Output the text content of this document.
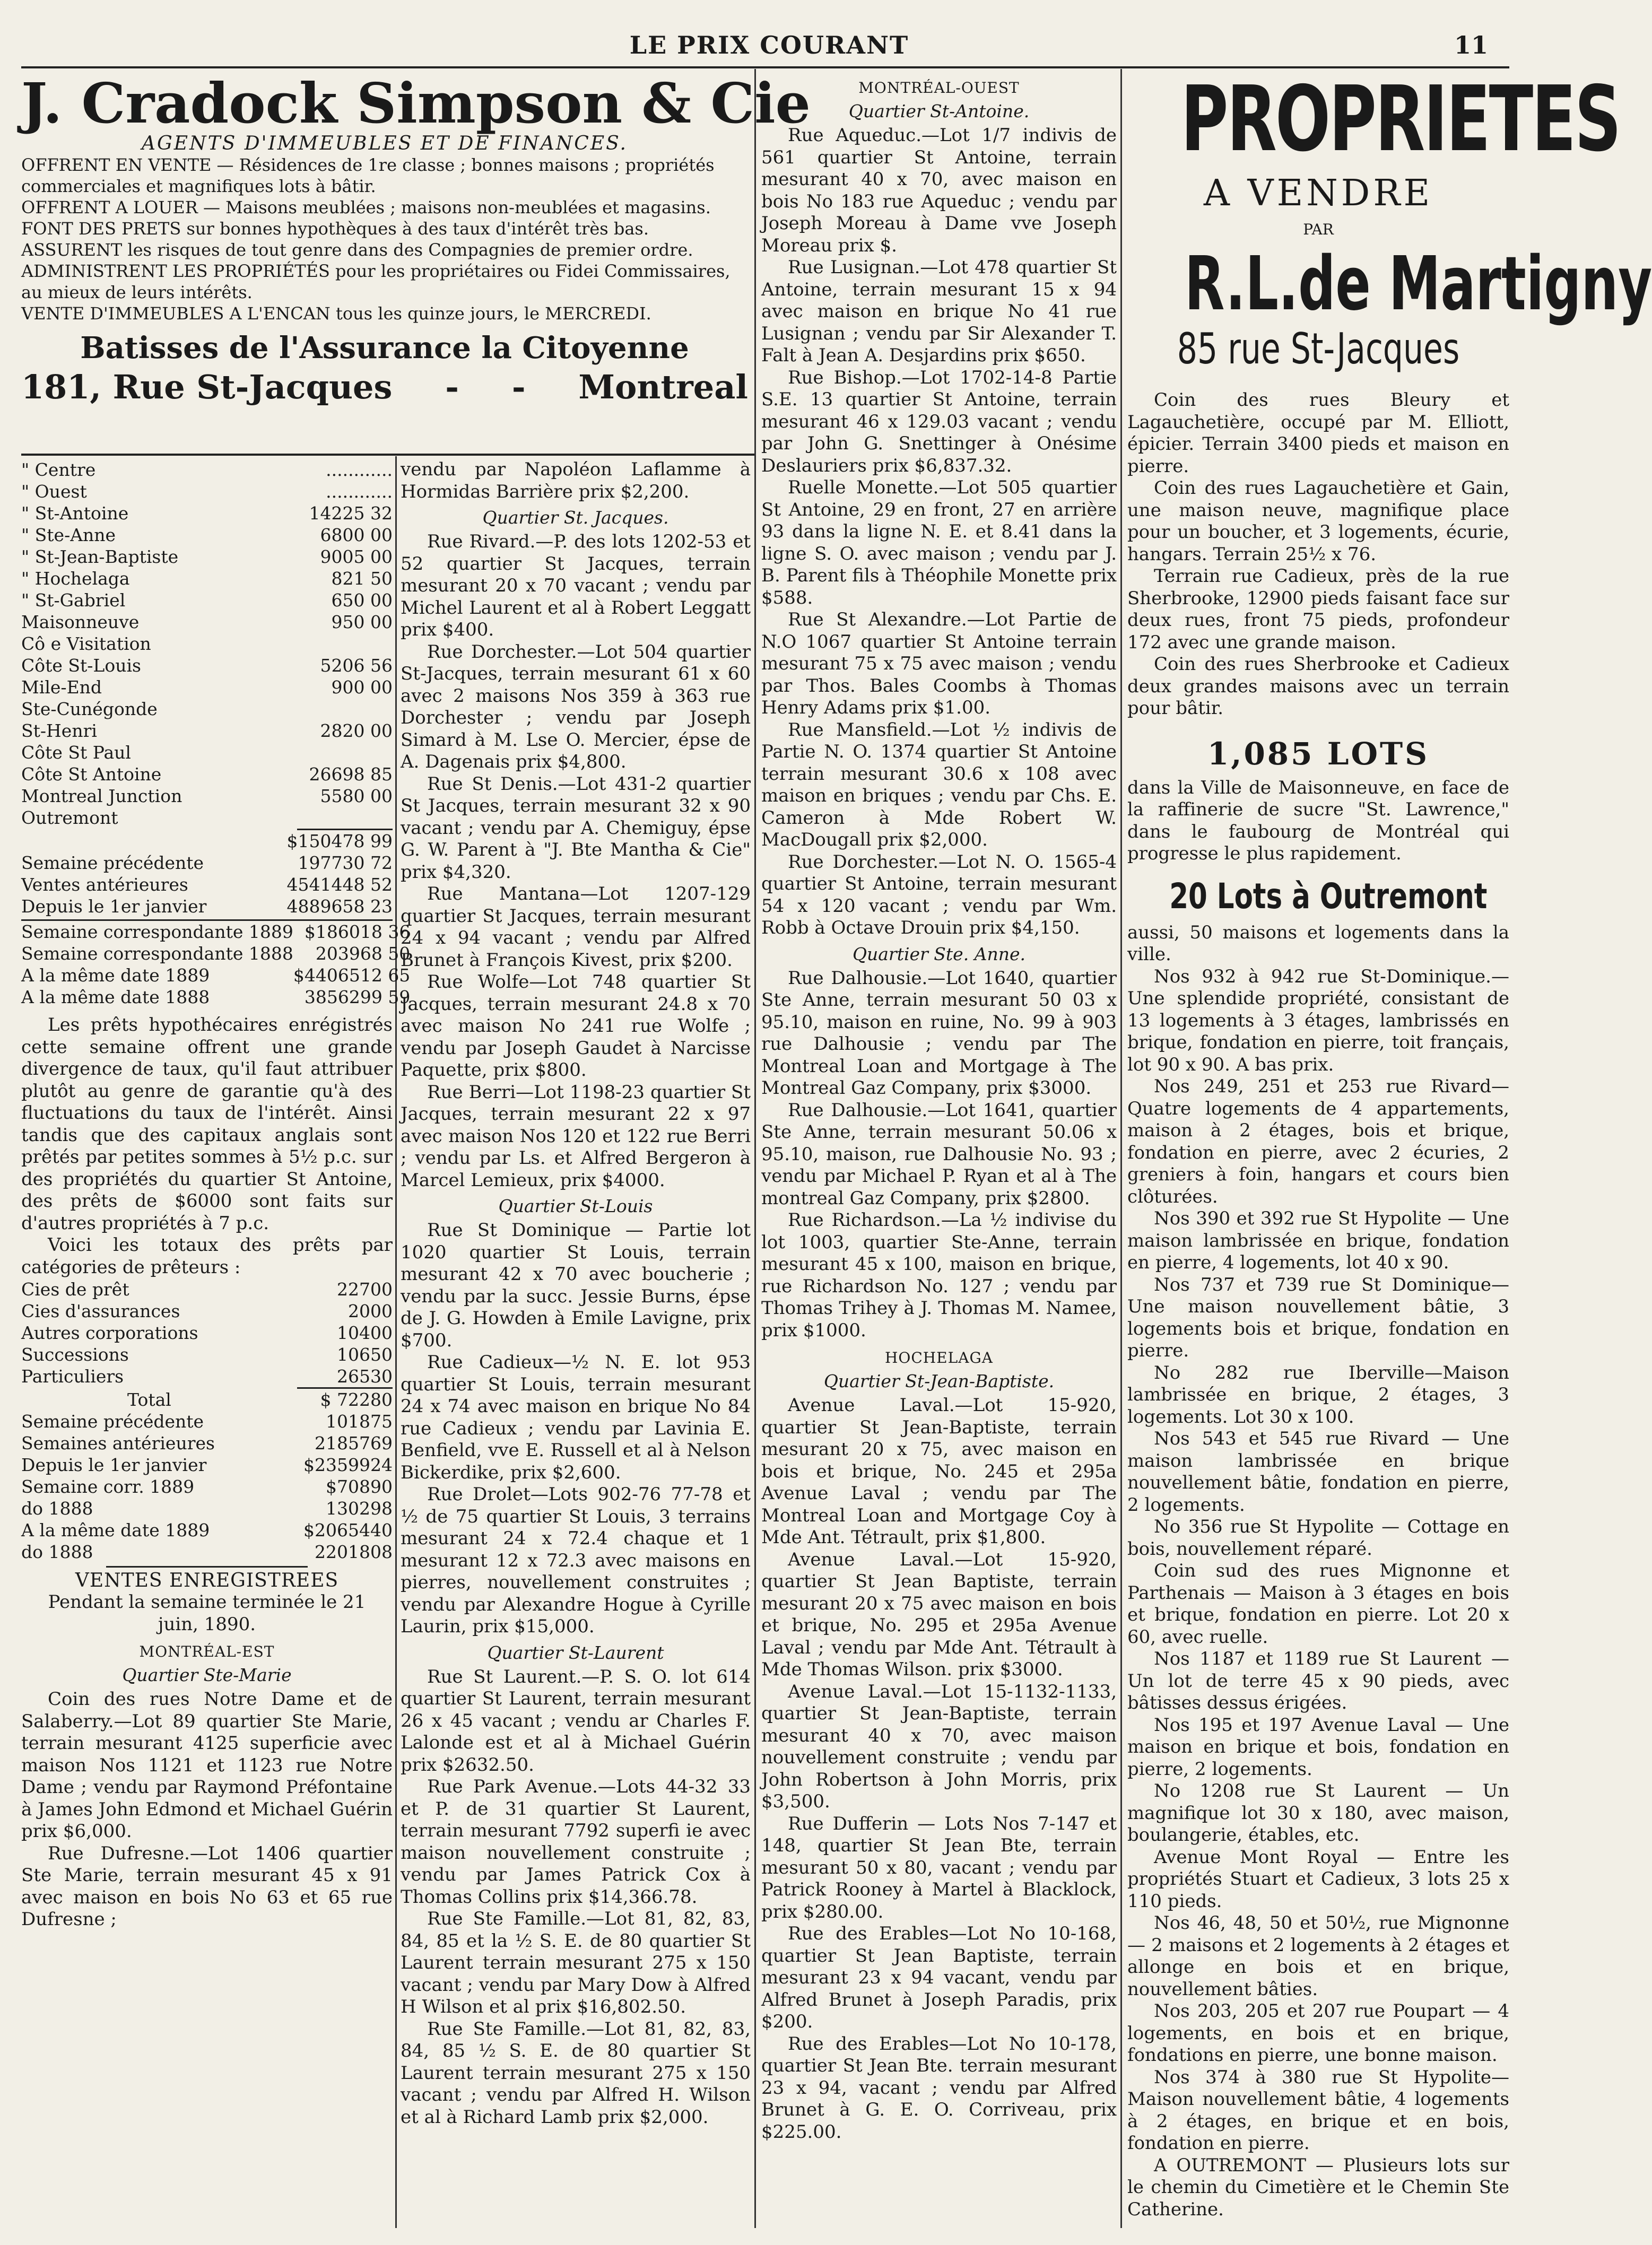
LE PRIX COURANT	11
J. Cradock Simpson & Cie
AGENTS D'IMMEUBLES ET DE FINANCES.

OFFRENT EN VENTE — Résidences de 1re classe ; bonnes maisons ; propriétés commerciales et magnifiques lots à bâtir.

OFFRENT A LOUER — Maisons meublées ; maisons non-meublées et magasins.

FONT DES PRETS sur bonnes hypothèques à des taux d'intérêt très bas.

ASSURENT les risques de tout genre dans des Compagnies de premier ordre.

ADMINISTRENT LES PROPRIÉTÉS pour les propriétaires ou Fidei Commissaires, au mieux de leurs intérêts.

VENTE D'IMMEUBLES A L'ENCAN tous les quinze jours, le MERCREDI.

Batisses de l'Assurance la Citoyenne
181, Rue St-Jacques - - Montreal
" Centre		............
" Ouest		............
" St-Antoine		14225 32
" Ste-Anne		6800 00
" St-Jean-Baptiste		9005 00
" Hochelaga		821 50
" St-Gabriel		650 00
Maisonneuve		950 00
Cô e Visitation		
Côte St-Louis		5206 56
Mile-End		900 00
Ste-Cunégonde		
St-Henri		2820 00
Côte St Paul		
Côte St Antoine		26698 85
Montreal Junction		5580 00
Outremont		
$150478 99
Semaine précédente		197730 72
Ventes antérieures		4541448 52
Depuis le 1er janvier		4889658 23
Semaine correspondante 1889		$186018 36
Semaine correspondante 1888		203968 50
A la même date 1889		$4406512 65
A la même date 1888		3856299 59

Les prêts hypothécaires enrégistrés cette semaine offrent une grande divergence de taux, qu'il faut attribuer plutôt au genre de garantie qu'à des fluctuations du taux de l'intérêt. Ainsi tandis que des capitaux anglais sont prêtés par petites sommes à 5½ p.c. sur des propriétés du quartier St Antoine, des prêts de $6000 sont faits sur d'autres propriétés à 7 p.c.

Voici les totaux des prêts par catégories de prêteurs :

Cies de prêt		22700
Cies d'assurances		2000
Autres corporations		10400
Successions		10650
Particuliers		26530
Total		$ 72280
Semaine précédente		101875
Semaines antérieures		2185769
Depuis le 1er janvier		$2359924
Semaine corr. 1889		$70890
do 1888		130298
A la même date 1889		$2065440
do 1888		2201808
VENTES ENREGISTREES

Pendant la semaine terminée le 21 juin, 1890.

MONTRÉAL-EST
Quartier Ste-Marie

Coin des rues Notre Dame et de Salaberry.—Lot 89 quartier Ste Marie, terrain mesurant 4125 superficie avec maison Nos 1121 et 1123 rue Notre Dame ; vendu par Raymond Préfontaine à James John Edmond et Michael Guérin prix $6,000.

Rue Dufresne.—Lot 1406 quartier Ste Marie, terrain mesurant 45 x 91 avec maison en bois No 63 et 65 rue Dufresne ;

vendu par Napoléon Laflamme à Hormidas Barrière prix $2,200.

Quartier St. Jacques.

Rue Rivard.—P. des lots 1202-53 et 52 quartier St Jacques, terrain mesurant 20 x 70 vacant ; vendu par Michel Laurent et al à Robert Leggatt prix $400.

Rue Dorchester.—Lot 504 quartier St-Jacques, terrain mesurant 61 x 60 avec 2 maisons Nos 359 à 363 rue Dorchester ; vendu par Joseph Simard à M. Lse O. Mercier, épse de A. Dagenais prix $4,800.

Rue St Denis.—Lot 431-2 quartier St Jacques, terrain mesurant 32 x 90 vacant ; vendu par A. Chemiguy, épse G. W. Parent à "J. Bte Mantha & Cie" prix $4,320.

Rue Mantana—Lot 1207-129 quartier St Jacques, terrain mesurant 24 x 94 vacant ; vendu par Alfred Brunet à François Kivest, prix $200.

Rue Wolfe—Lot 748 quartier St Jacques, terrain mesurant 24.8 x 70 avec maison No 241 rue Wolfe ; vendu par Joseph Gaudet à Narcisse Paquette, prix $800.

Rue Berri—Lot 1198-23 quartier St Jacques, terrain mesurant 22 x 97 avec maison Nos 120 et 122 rue Berri ; vendu par Ls. et Alfred Bergeron à Marcel Lemieux, prix $4000.

Quartier St-Louis

Rue St Dominique — Partie lot 1020 quartier St Louis, terrain mesurant 42 x 70 avec boucherie ; vendu par la succ. Jessie Burns, épse de J. G. Howden à Emile Lavigne, prix $700.

Rue Cadieux—½ N. E. lot 953 quartier St Louis, terrain mesurant 24 x 74 avec maison en brique No 84 rue Cadieux ; vendu par Lavinia E. Benfield, vve E. Russell et al à Nelson Bickerdike, prix $2,600.

Rue Drolet—Lots 902-76 77-78 et ½ de 75 quartier St Louis, 3 terrains mesurant 24 x 72.4 chaque et 1 mesurant 12 x 72.3 avec maisons en pierres, nouvellement construites ; vendu par Alexandre Hogue à Cyrille Laurin, prix $15,000.

Quartier St-Laurent

Rue St Laurent.—P. S. O. lot 614 quartier St Laurent, terrain mesurant 26 x 45 vacant ; vendu ar Charles F. Lalonde est et al à Michael Guérin prix $2632.50.

Rue Park Avenue.—Lots 44-32 33 et P. de 31 quartier St Laurent, terrain mesurant 7792 superfi ie avec maison nouvellement construite ; vendu par James Patrick Cox à Thomas Collins prix $14,366.78.

Rue Ste Famille.—Lot 81, 82, 83, 84, 85 et la ½ S. E. de 80 quartier St Laurent terrain mesurant 275 x 150 vacant ; vendu par Mary Dow à Alfred H Wilson et al prix $16,802.50.

Rue Ste Famille.—Lot 81, 82, 83, 84, 85 ½ S. E. de 80 quartier St Laurent terrain mesurant 275 x 150 vacant ; vendu par Alfred H. Wilson et al à Richard Lamb prix $2,000.

MONTRÉAL-OUEST
Quartier St-Antoine.

Rue Aqueduc.—Lot 1/7 indivis de 561 quartier St Antoine, terrain mesurant 40 x 70, avec maison en bois No 183 rue Aqueduc ; vendu par Joseph Moreau à Dame vve Joseph Moreau prix $.

Rue Lusignan.—Lot 478 quartier St Antoine, terrain mesurant 15 x 94 avec maison en brique No 41 rue Lusignan ; vendu par Sir Alexander T. Falt à Jean A. Desjardins prix $650.

Rue Bishop.—Lot 1702-14-8 Partie S.E. 13 quartier St Antoine, terrain mesurant 46 x 129.03 vacant ; vendu par John G. Snettinger à Onésime Deslauriers prix $6,837.32.

Ruelle Monette.—Lot 505 quartier St Antoine, 29 en front, 27 en arrière 93 dans la ligne N. E. et 8.41 dans la ligne S. O. avec maison ; vendu par J. B. Parent fils à Théophile Monette prix $588.

Rue St Alexandre.—Lot Partie de N.O 1067 quartier St Antoine terrain mesurant 75 x 75 avec maison ; vendu par Thos. Bales Coombs à Thomas Henry Adams prix $1.00.

Rue Mansfield.—Lot ½ indivis de Partie N. O. 1374 quartier St Antoine terrain mesurant 30.6 x 108 avec maison en briques ; vendu par Chs. E. Cameron à Mde Robert W. MacDougall prix $2,000.

Rue Dorchester.—Lot N. O. 1565-4 quartier St Antoine, terrain mesurant 54 x 120 vacant ; vendu par Wm. Robb à Octave Drouin prix $4,150.

Quartier Ste. Anne.

Rue Dalhousie.—Lot 1640, quartier Ste Anne, terrain mesurant 50 03 x 95.10, maison en ruine, No. 99 à 903 rue Dalhousie ; vendu par The Montreal Loan and Mortgage à The Montreal Gaz Company, prix $3000.

Rue Dalhousie.—Lot 1641, quartier Ste Anne, terrain mesurant 50.06 x 95.10, maison, rue Dalhousie No. 93 ; vendu par Michael P. Ryan et al à The montreal Gaz Company, prix $2800.

Rue Richardson.—La ½ indivise du lot 1003, quartier Ste-Anne, terrain mesurant 45 x 100, maison en brique, rue Richardson No. 127 ; vendu par Thomas Trihey à J. Thomas M. Namee, prix $1000.

HOCHELAGA
Quartier St-Jean-Baptiste.

Avenue Laval.—Lot 15-920, quartier St Jean-Baptiste, terrain mesurant 20 x 75, avec maison en bois et brique, No. 245 et 295a Avenue Laval ; vendu par The Montreal Loan and Mortgage Coy à Mde Ant. Tétrault, prix $1,800.

Avenue Laval.—Lot 15-920, quartier St Jean Baptiste, terrain mesurant 20 x 75 avec maison en bois et brique, No. 295 et 295a Avenue Laval ; vendu par Mde Ant. Tétrault à Mde Thomas Wilson. prix $3000.

Avenue Laval.—Lot 15-1132-1133, quartier St Jean-Baptiste, terrain mesurant 40 x 70, avec maison nouvellement construite ; vendu par John Robertson à John Morris, prix $3,500.

Rue Dufferin — Lots Nos 7-147 et 148, quartier St Jean Bte, terrain mesurant 50 x 80, vacant ; vendu par Patrick Rooney à Martel à Blacklock, prix $280.00.

Rue des Erables—Lot No 10-168, quartier St Jean Baptiste, terrain mesurant 23 x 94 vacant, vendu par Alfred Brunet à Joseph Paradis, prix $200.

Rue des Erables—Lot No 10-178, quartier St Jean Bte. terrain mesurant 23 x 94, vacant ; vendu par Alfred Brunet à G. E. O. Corriveau, prix $225.00.

PROPRIETES
A VENDRE
PAR
R.L.de Martigny
85 rue St-Jacques

Coin des rues Bleury et Lagauchetière, occupé par M. Elliott, épicier. Terrain 3400 pieds et maison en pierre.

Coin des rues Lagauchetière et Gain, une maison neuve, magnifique place pour un boucher, et 3 logements, écurie, hangars. Terrain 25½ x 76.

Terrain rue Cadieux, près de la rue Sherbrooke, 12900 pieds faisant face sur deux rues, front 75 pieds, profondeur 172 avec une grande maison.

Coin des rues Sherbrooke et Cadieux deux grandes maisons avec un terrain pour bâtir.

1,085 LOTS

dans la Ville de Maisonneuve, en face de la raffinerie de sucre "St. Lawrence," dans le faubourg de Montréal qui progresse le plus rapidement.

20 Lots à Outremont

aussi, 50 maisons et logements dans la ville.

Nos 932 à 942 rue St-Dominique.—Une splendide propriété, consistant de 13 logements à 3 étages, lambrissés en brique, fondation en pierre, toit français, lot 90 x 90. A bas prix.

Nos 249, 251 et 253 rue Rivard—Quatre logements de 4 appartements, maison à 2 étages, bois et brique, fondation en pierre, avec 2 écuries, 2 greniers à foin, hangars et cours bien clôturées.

Nos 390 et 392 rue St Hypolite — Une maison lambrissée en brique, fondation en pierre, 4 logements, lot 40 x 90.

Nos 737 et 739 rue St Dominique—Une maison nouvellement bâtie, 3 logements bois et brique, fondation en pierre.

No 282 rue Iberville—Maison lambrissée en brique, 2 étages, 3 logements. Lot 30 x 100.

Nos 543 et 545 rue Rivard — Une maison lambrissée en brique nouvellement bâtie, fondation en pierre, 2 logements.

No 356 rue St Hypolite — Cottage en bois, nouvellement réparé.

Coin sud des rues Mignonne et Parthenais — Maison à 3 étages en bois et brique, fondation en pierre. Lot 20 x 60, avec ruelle.

Nos 1187 et 1189 rue St Laurent — Un lot de terre 45 x 90 pieds, avec bâtisses dessus érigées.

Nos 195 et 197 Avenue Laval — Une maison en brique et bois, fondation en pierre, 2 logements.

No 1208 rue St Laurent — Un magnifique lot 30 x 180, avec maison, boulangerie, étables, etc.

Avenue Mont Royal — Entre les propriétés Stuart et Cadieux, 3 lots 25 x 110 pieds.

Nos 46, 48, 50 et 50½, rue Mignonne — 2 maisons et 2 logements à 2 étages et allonge en bois et en brique, nouvellement bâties.

Nos 203, 205 et 207 rue Poupart — 4 logements, en bois et en brique, fondations en pierre, une bonne maison.

Nos 374 à 380 rue St Hypolite—Maison nouvellement bâtie, 4 logements à 2 étages, en brique et en bois, fondation en pierre.

A OUTREMONT — Plusieurs lots sur le chemin du Cimetière et le Chemin Ste Catherine.
